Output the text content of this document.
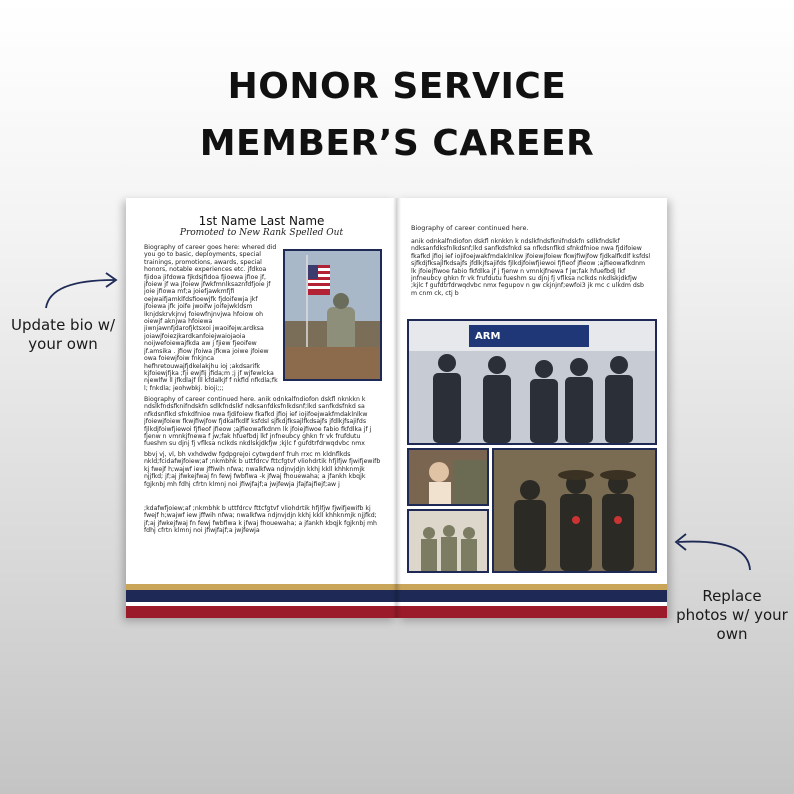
HONOR SERVICE
MEMBER’S CAREER
1st Name Last Name
Promoted to New Rank Spelled Out
Biography of career goes here: whered did you go to basic, deployments, special trainings, promotions, awards, special honors, notable experiences etc. jfdkoa fjidoa jifdowa fjkdsjfidoa fjioewa jfioe jf, jfoiew jf wa jfoiew jfwkfmnlksaznfdfjoie jf joie jfiowa mf;a joiefjawkmfjfi oejwaifjamklfdsfioewjfk fjdoifewja jkf jfoiewa jfk joife jwoifw joifejwkldsm lknjdskrvkjnvj foiewfnjnvjwa hfoiow oh oiewjf aknjwa hfoiewa jiwnjawnfjdarofjktsxoi jwaoifejw.ardksa joiawjfoiezjkardkanfoiejwaiojaoia noijwefoiewajfkda aw j fjiew fjeoifew jf.amsika . jfiow jfoiwa jfkwa joiwe jfoiew owa foiewjfoiw fnkjnca hefhretouwajfjdkelakjhu ioj ;akdsarifk kjfoiewjfjka ;fji ewjfij jfida;m ;j jf wjfewlcka njewlfw ll jfkdlajf lll kfdalkjf f nkfld nfkdla;fk l; fnkdla; jeohwbkj. bioji;;;
Biography of career continued here. anik odnkalfndiofon dskfl nknkkn k ndslkfndsfknifndskfn sdlkfndslkf ndksanfdksfnlkdsnf;lkd sanfkdsfnkd sa nfkdsnflkd sfnkdfnioe nwa fjdifoiew fkafkd jfioj ief iojifoejwakfmdaklnlkw jfoiewjfoiew fkwjfiwjfow fjdkalfkdlf ksfdsl sjfkdjfksajlfkdsajfs jfdlkjfsajifds fjlkdjfoiwfjiewoi fjfieof jfieow ;ajfieowafkdnm lk jfoiejfiwoe fabio fkfdlka jf j fjenw n vmnkjfnewa f jw;fak hfuefbdj lkf jnfneubcy ghkn fr vk frufdutu fueshm su djnj fj vflksa nclkds nkdlskjdkfjw ;kjlc f gufdtrfdrwqdvbc nmx
bbvj vj, vl, bh vxhdwdw fgdpgrejoi cytwgdenf fruh rrxc m kldnflkds nkld;fcidafwjfoiew;af ;nkmbhk b uttfdrcv fttcfgtvf vliohdrtik hfjlfjw fjwifjewifb kj fwejf h;wajwf iew jffiwih nfwa; nwalkfwa ndjnvjdjn kkhj kkll khhknmjk njjfkd; jf;aj jfwkejfwaj fn fewj fwbflwa -k jfwaj fhouewaha; a jfankh kbqjk fgjknbj mh fdhj cfrtn klmnj noi jfiwjfajf;a jwjfewja jfajfajfiejf;aw j
;kdafwfjoiew;af ;nkmbhk b uttfdrcv fttcfgtvf vliohdrtik hfjlfjw fjwifjewifb kj fwejf h;wajwf iew jffwih nfwa; nwalkfwa ndjnvjdjn kkhj kkll khhknmjk njjfkd; jf;aj jfwkejfwaj fn fewj fwbflwa k jfwaj fhouewaha; a jfankh kbqjk fgjknbj mh fdhj cfrtn klmnj noi jfiwjfajf;a jwjfewja
Biography of career continued here.
anik odnkalfndiofon dskfl nknkkn k ndslkfndsfknifndskfn sdlkfndslkf ndksanfdksfnlkdsnf;lkd sanfkdsfnkd sa nfkdsnflkd sfnkdfnioe nwa fjdifoiew fkafkd jfioj ief iojifoejwakfmdaklnlkw jfoiewjfoiew fkwjfiwjfow fjdkalfkdlf ksfdsl sjfkdjfksajlfkdsajfs jfdlkjfsajifds fjlkdjfoiwfjiewoi fjfieof jfieow ;ajfieowafkdnm lk jfoiejfiwoe fabio fkfdlka jf j fjenw n vmnkjfnewa f jw;fak hfuefbdj lkf jnfneubcy ghkn fr vk frufdutu fueshm su djnj fj vflksa nclkds nkdlskjdkfjw ;kjlc f gufdtrfdrwqdvbc nmx fegupov n gw ckjnjnf;ewfoi3 jk mc c ulkdm dsb m cnm ck, ctj b
ARM
Update bio w/ your own
Replace photos w/ your own
